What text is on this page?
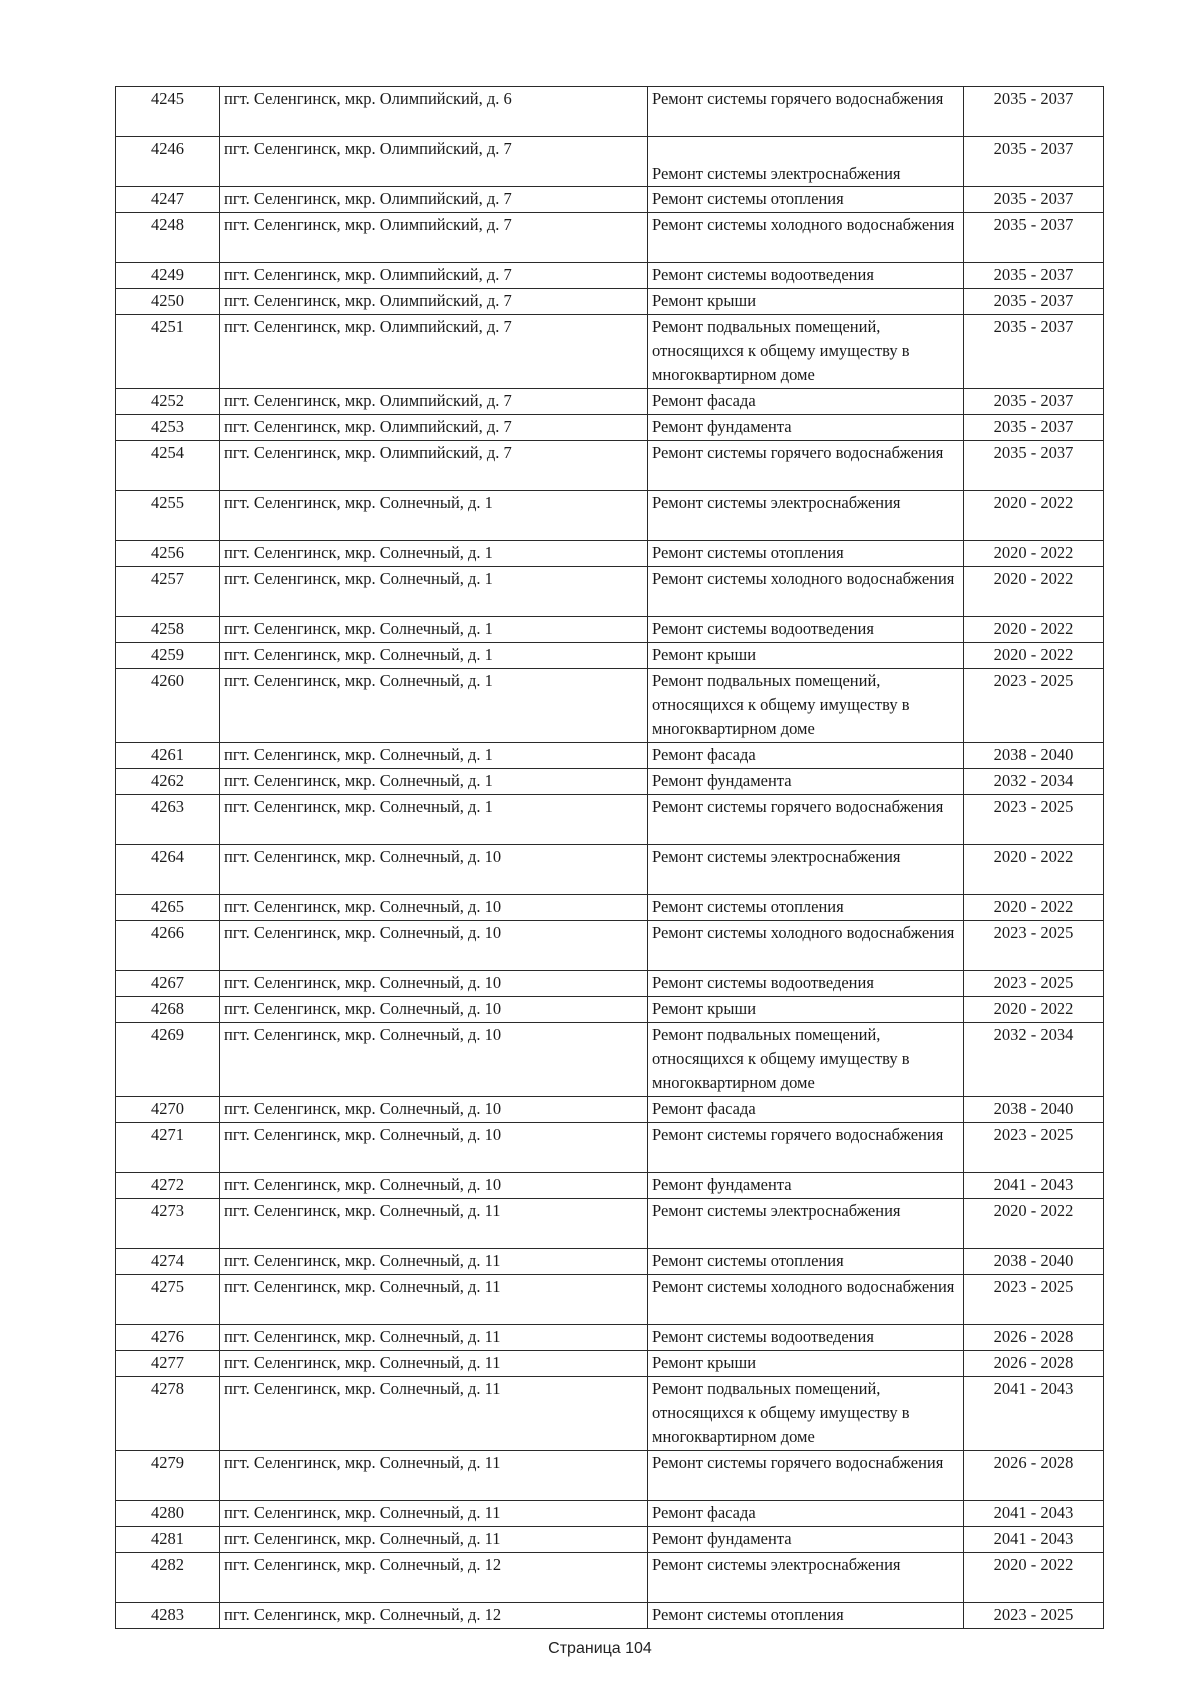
4245	пгт. Селенгинск, мкр. Олимпийский, д. 6	Ремонт системы горячего водоснабжения	2035 - 2037
4246	пгт. Селенгинск, мкр. Олимпийский, д. 7	Ремонт системы электроснабжения	2035 - 2037
4247	пгт. Селенгинск, мкр. Олимпийский, д. 7	Ремонт системы отопления	2035 - 2037
4248	пгт. Селенгинск, мкр. Олимпийский, д. 7	Ремонт системы холодного водоснабжения	2035 - 2037
4249	пгт. Селенгинск, мкр. Олимпийский, д. 7	Ремонт системы водоотведения	2035 - 2037
4250	пгт. Селенгинск, мкр. Олимпийский, д. 7	Ремонт крыши	2035 - 2037
4251	пгт. Селенгинск, мкр. Олимпийский, д. 7	Ремонт подвальных помещений, относящихся к общему имуществу в многоквартирном доме	2035 - 2037
4252	пгт. Селенгинск, мкр. Олимпийский, д. 7	Ремонт фасада	2035 - 2037
4253	пгт. Селенгинск, мкр. Олимпийский, д. 7	Ремонт фундамента	2035 - 2037
4254	пгт. Селенгинск, мкр. Олимпийский, д. 7	Ремонт системы горячего водоснабжения	2035 - 2037
4255	пгт. Селенгинск, мкр. Солнечный, д. 1	Ремонт системы электроснабжения	2020 - 2022
4256	пгт. Селенгинск, мкр. Солнечный, д. 1	Ремонт системы отопления	2020 - 2022
4257	пгт. Селенгинск, мкр. Солнечный, д. 1	Ремонт системы холодного водоснабжения	2020 - 2022
4258	пгт. Селенгинск, мкр. Солнечный, д. 1	Ремонт системы водоотведения	2020 - 2022
4259	пгт. Селенгинск, мкр. Солнечный, д. 1	Ремонт крыши	2020 - 2022
4260	пгт. Селенгинск, мкр. Солнечный, д. 1	Ремонт подвальных помещений, относящихся к общему имуществу в многоквартирном доме	2023 - 2025
4261	пгт. Селенгинск, мкр. Солнечный, д. 1	Ремонт фасада	2038 - 2040
4262	пгт. Селенгинск, мкр. Солнечный, д. 1	Ремонт фундамента	2032 - 2034
4263	пгт. Селенгинск, мкр. Солнечный, д. 1	Ремонт системы горячего водоснабжения	2023 - 2025
4264	пгт. Селенгинск, мкр. Солнечный, д. 10	Ремонт системы электроснабжения	2020 - 2022
4265	пгт. Селенгинск, мкр. Солнечный, д. 10	Ремонт системы отопления	2020 - 2022
4266	пгт. Селенгинск, мкр. Солнечный, д. 10	Ремонт системы холодного водоснабжения	2023 - 2025
4267	пгт. Селенгинск, мкр. Солнечный, д. 10	Ремонт системы водоотведения	2023 - 2025
4268	пгт. Селенгинск, мкр. Солнечный, д. 10	Ремонт крыши	2020 - 2022
4269	пгт. Селенгинск, мкр. Солнечный, д. 10	Ремонт подвальных помещений, относящихся к общему имуществу в многоквартирном доме	2032 - 2034
4270	пгт. Селенгинск, мкр. Солнечный, д. 10	Ремонт фасада	2038 - 2040
4271	пгт. Селенгинск, мкр. Солнечный, д. 10	Ремонт системы горячего водоснабжения	2023 - 2025
4272	пгт. Селенгинск, мкр. Солнечный, д. 10	Ремонт фундамента	2041 - 2043
4273	пгт. Селенгинск, мкр. Солнечный, д. 11	Ремонт системы электроснабжения	2020 - 2022
4274	пгт. Селенгинск, мкр. Солнечный, д. 11	Ремонт системы отопления	2038 - 2040
4275	пгт. Селенгинск, мкр. Солнечный, д. 11	Ремонт системы холодного водоснабжения	2023 - 2025
4276	пгт. Селенгинск, мкр. Солнечный, д. 11	Ремонт системы водоотведения	2026 - 2028
4277	пгт. Селенгинск, мкр. Солнечный, д. 11	Ремонт крыши	2026 - 2028
4278	пгт. Селенгинск, мкр. Солнечный, д. 11	Ремонт подвальных помещений, относящихся к общему имуществу в многоквартирном доме	2041 - 2043
4279	пгт. Селенгинск, мкр. Солнечный, д. 11	Ремонт системы горячего водоснабжения	2026 - 2028
4280	пгт. Селенгинск, мкр. Солнечный, д. 11	Ремонт фасада	2041 - 2043
4281	пгт. Селенгинск, мкр. Солнечный, д. 11	Ремонт фундамента	2041 - 2043
4282	пгт. Селенгинск, мкр. Солнечный, д. 12	Ремонт системы электроснабжения	2020 - 2022
4283	пгт. Селенгинск, мкр. Солнечный, д. 12	Ремонт системы отопления	2023 - 2025
Страница 104
